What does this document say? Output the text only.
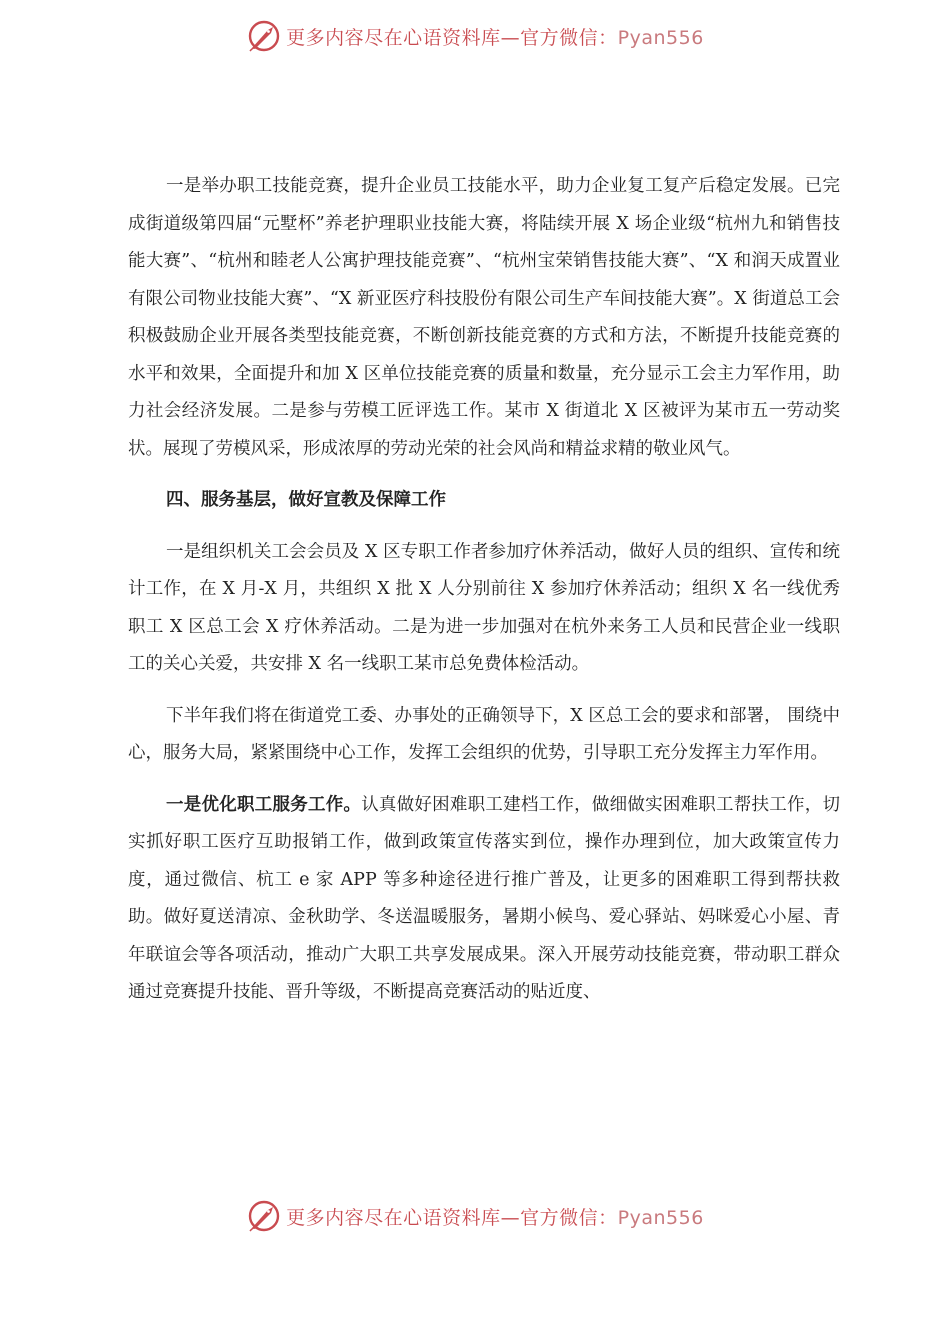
更多内容尽在心语资料库—官方微信：Pyan556

一是举办职工技能竞赛，提升企业员工技能水平，助力企业复工复产后稳定发展。已完成街道级第四届“元墅杯”养老护理职业技能大赛，将陆续开展 X 场企业级“杭州九和销售技能大赛”、“杭州和睦老人公寓护理技能竞赛”、“杭州宝荣销售技能大赛”、“X 和润天成置业有限公司物业技能大赛”、“X 新亚医疗科技股份有限公司生产车间技能大赛”。X 街道总工会积极鼓励企业开展各类型技能竞赛，不断创新技能竞赛的方式和方法，不断提升技能竞赛的水平和效果，全面提升和加 X 区单位技能竞赛的质量和数量，充分显示工会主力军作用，助力社会经济发展。二是参与劳模工匠评选工作。某市 X 街道北 X 区被评为某市五一劳动奖状。展现了劳模风采，形成浓厚的劳动光荣的社会风尚和精益求精的敬业风气。

四、服务基层，做好宣教及保障工作

一是组织机关工会会员及 X 区专职工作者参加疗休养活动，做好人员的组织、宣传和统计工作，在 X 月-X 月，共组织 X 批 X 人分别前往 X 参加疗休养活动；组织 X 名一线优秀职工 X 区总工会 X 疗休养活动。二是为进一步加强对在杭外来务工人员和民营企业一线职工的关心关爱，共安排 X 名一线职工某市总免费体检活动。

下半年我们将在街道党工委、办事处的正确领导下，X 区总工会的要求和部署， 围绕中心，服务大局，紧紧围绕中心工作，发挥工会组织的优势，引导职工充分发挥主力军作用。

一是优化职工服务工作。认真做好困难职工建档工作，做细做实困难职工帮扶工作，切实抓好职工医疗互助报销工作，做到政策宣传落实到位，操作办理到位，加大政策宣传力度，通过微信、杭工 e 家 APP 等多种途径进行推广普及，让更多的困难职工得到帮扶救助。做好夏送清凉、金秋助学、冬送温暖服务，暑期小候鸟、爱心驿站、妈咪爱心小屋、青年联谊会等各项活动，推动广大职工共享发展成果。深入开展劳动技能竞赛，带动职工群众通过竞赛提升技能、晋升等级，不断提高竞赛活动的贴近度、

更多内容尽在心语资料库—官方微信：Pyan556
